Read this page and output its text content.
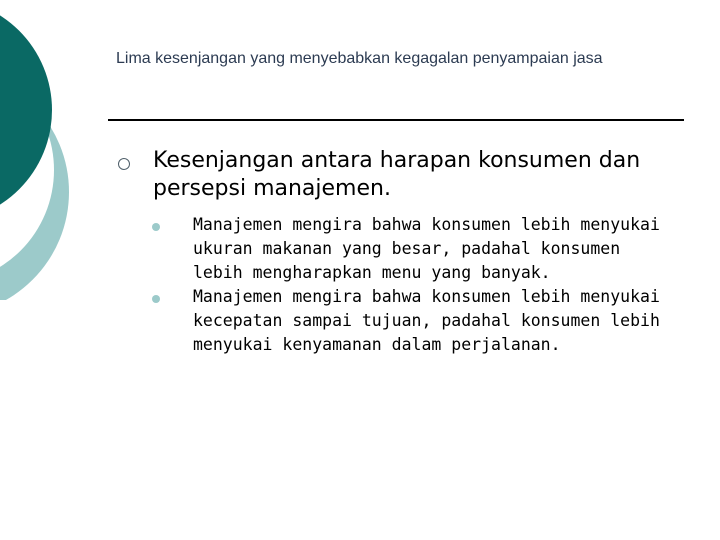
Lima kesenjangan yang menyebabkan kegagalan penyampaian jasa

Kesenjangan antara harapan konsumen dan persepsi manajemen.

Manajemen mengira bahwa konsumen lebih menyukai ukuran makanan yang besar, padahal konsumen lebih mengharapkan menu yang banyak.
Manajemen mengira bahwa konsumen lebih menyukai kecepatan sampai tujuan, padahal konsumen lebih menyukai kenyamanan dalam perjalanan.
